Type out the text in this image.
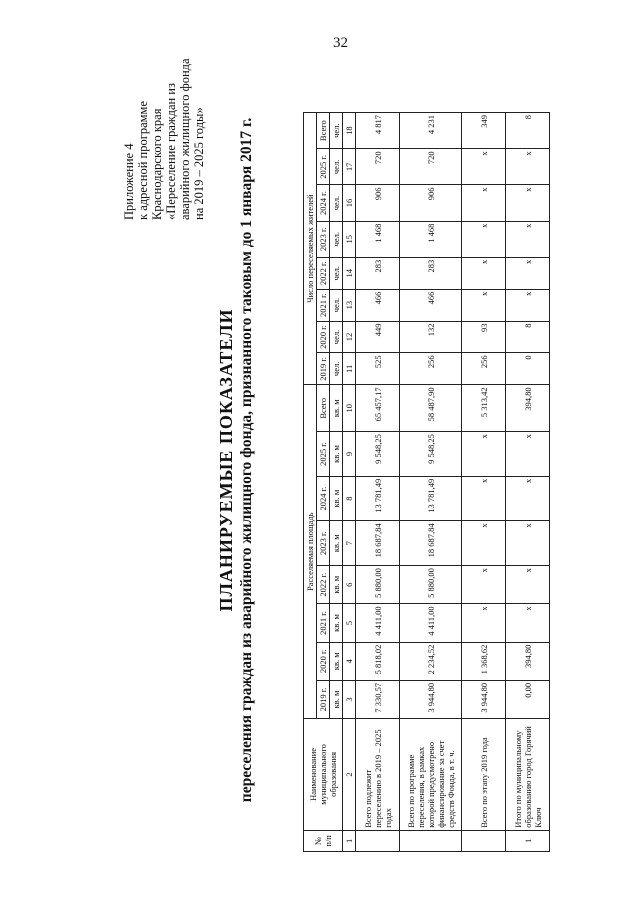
32
Приложение 4 к адресной программе Краснодарского края «Переселение граждан из аварийного жилищного фонда на 2019 – 2025 годы»
ПЛАНИРУЕМЫЕ ПОКАЗАТЕЛИ переселения граждан из аварийного жилищного фонда, признанного таковым до 1 января 2017 г.
№ п/п	Наименование муниципального образования	Расселяемая площадь								Число переселяемых жителей							
		2019 г.	2020 г.	2021 г.	2022 г.	2023 г.	2024 г.	2025 г.	Всего	2019 г.	2020 г.	2021 г.	2022 г.	2023 г.	2024 г.	2025 г.	Всего
		кв. м	кв. м	кв. м	кв. м	кв. м	кв. м	кв. м	кв. м	чел.	чел.	чел.	чел.	чел.	чел.	чел.	чел.
1	2	3	4	5	6	7	8	9	10	11	12	13	14	15	16	17	18
	Всего подлежит переселению в 2019 – 2025 годах	7 330,57	5 818,02	4 411,00	5 880,00	18 687,84	13 781,49	9 548,25	65 457,17	525	449	466	283	1 468	906	720	4 817
	Всего по программе переселения, в рамках которой предусмотрено финансирование за счет средств Фонда, в т. ч.	3 944,80	2 234,52	4 411,00	5 880,00	18 687,84	13 781,49	9 548,25	58 487,90	256	132	466	283	1 468	906	720	4 231
	Всего по этапу 2019 года	3 944,80	1 368,62	x	x	x	x	x	5 313,42	256	93	x	x	x	x	x	349
1	Итого по муниципальному образованию город Горячий Ключ	0,00	394,80	x	x	x	x	x	394,80	0	8	x	x	x	x	x	8
